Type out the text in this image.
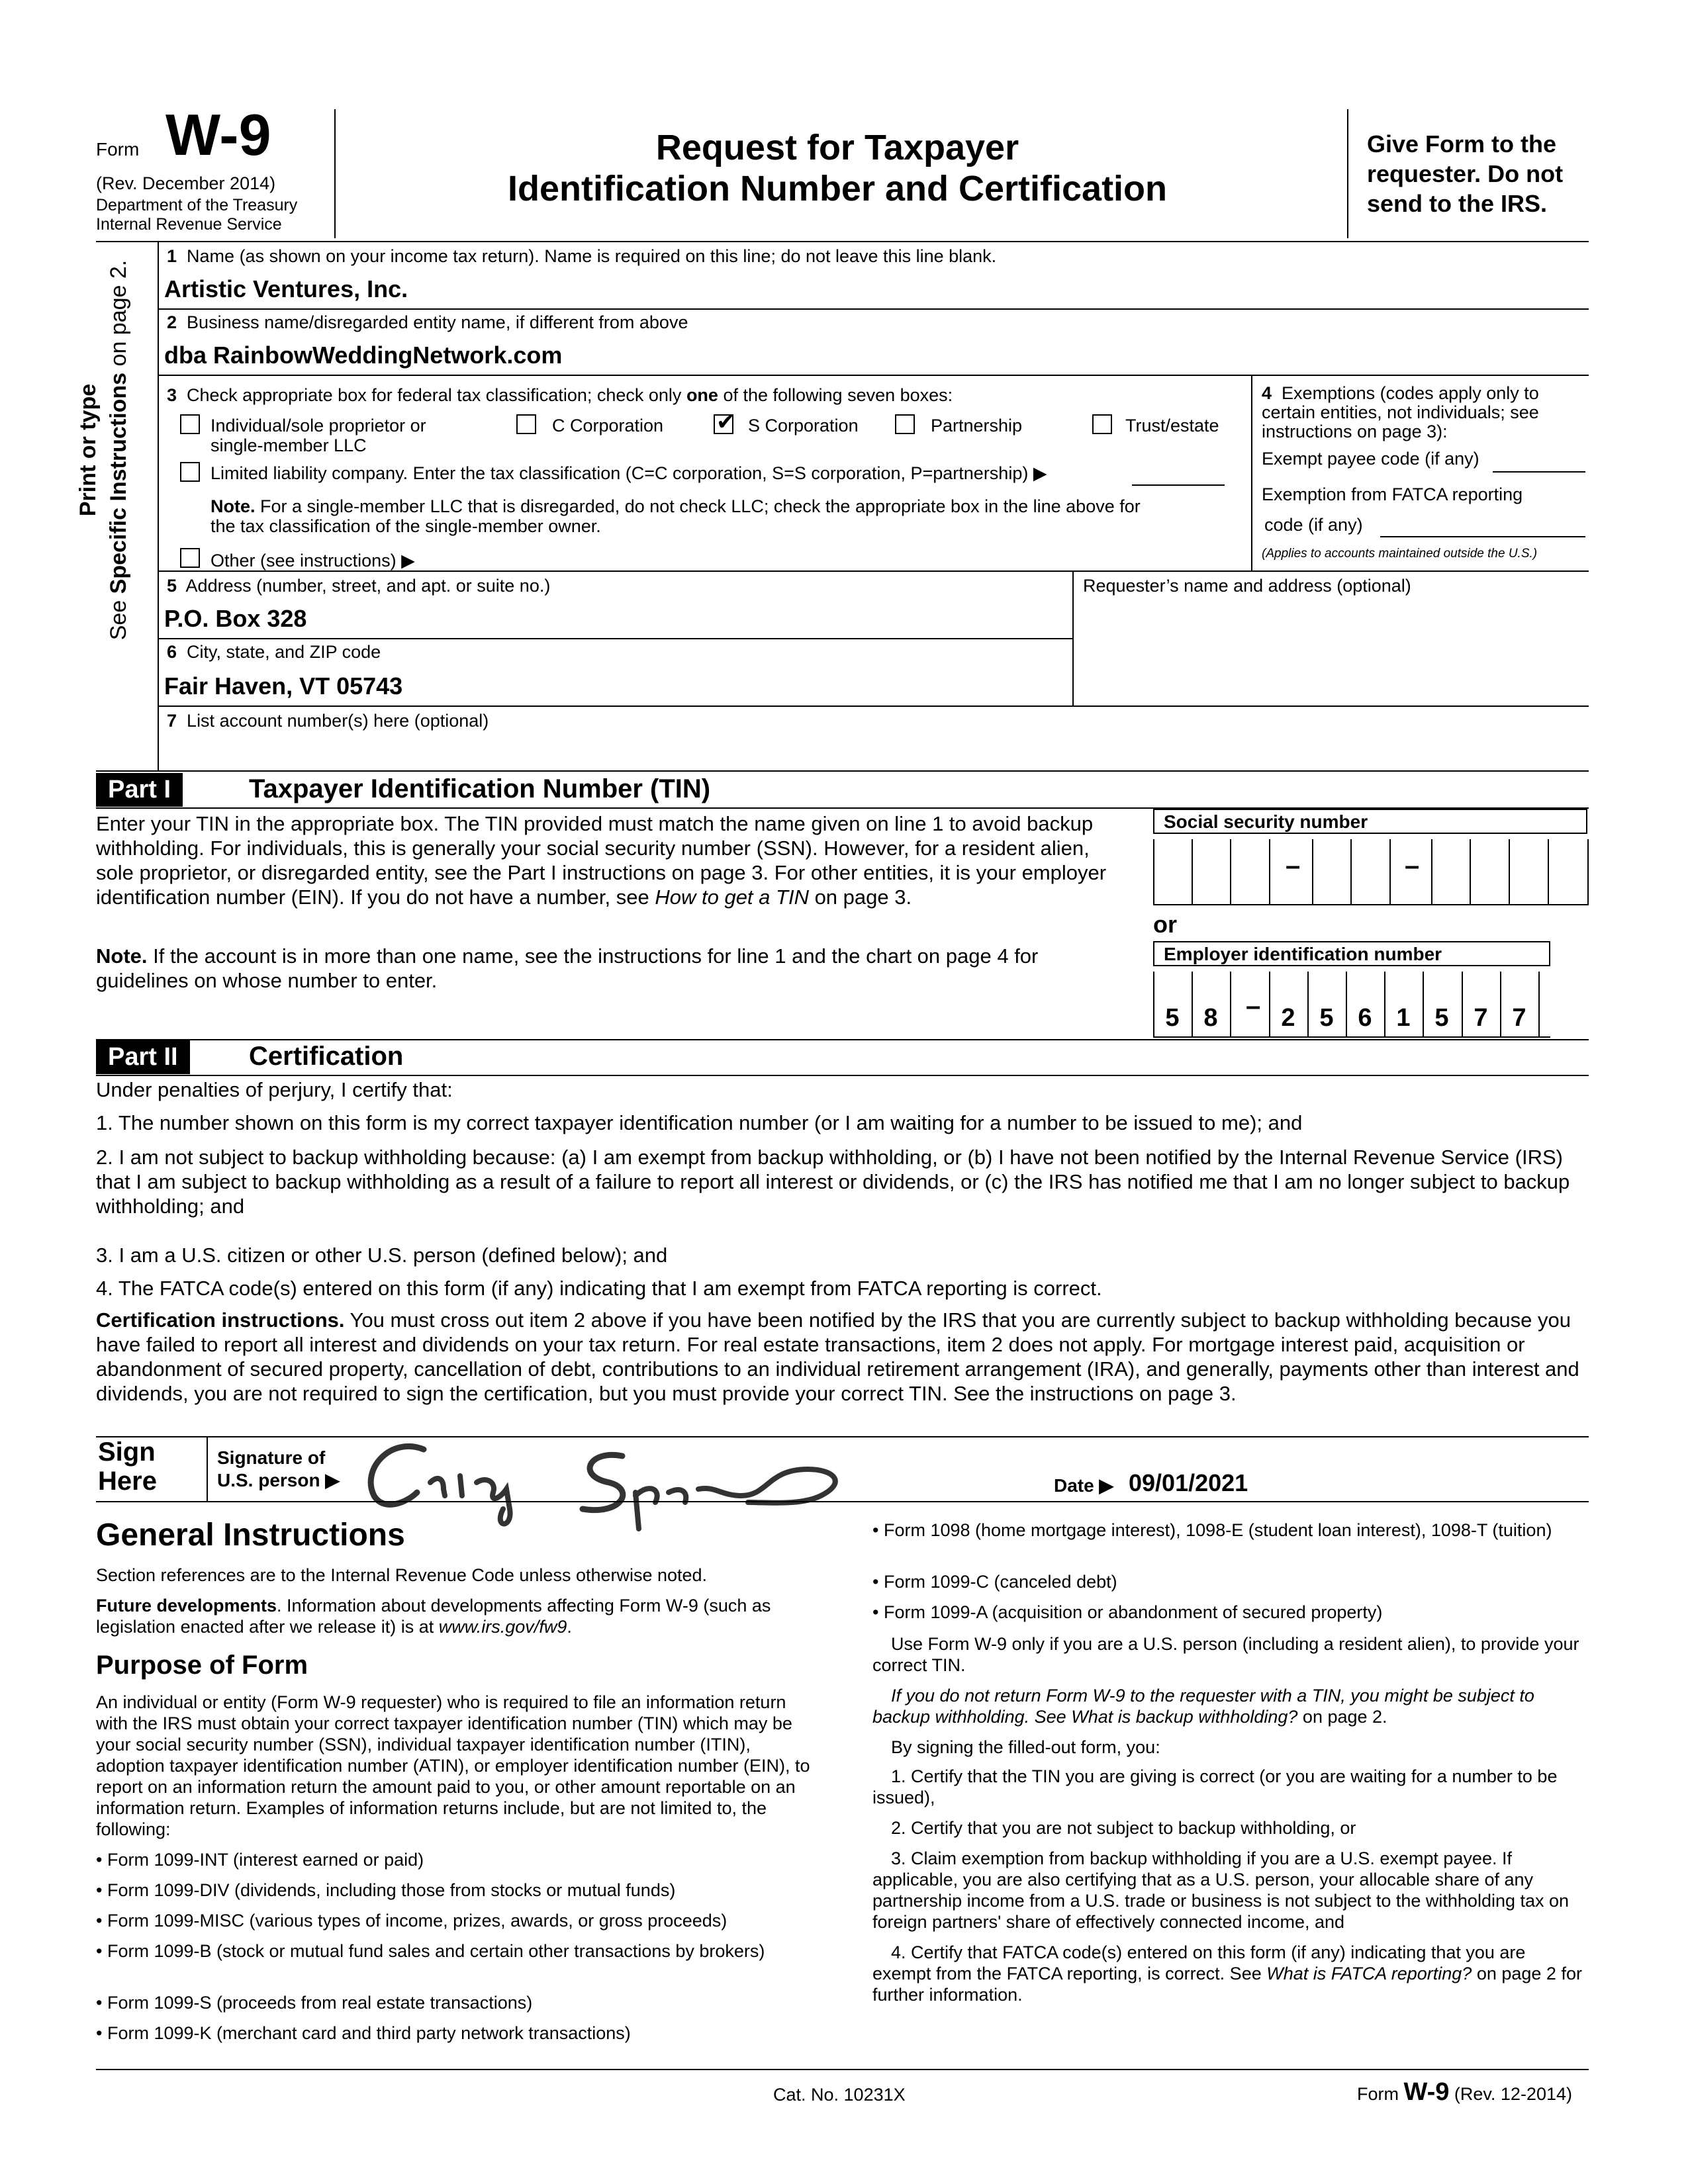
Form W-9
(Rev. December 2014)
Department of the Treasury
Internal Revenue Service
Request for Taxpayer
Identification Number and Certification
Give Form to the
requester. Do not
send to the IRS.
Print or type
See Specific Instructions on page 2.
1 Name (as shown on your income tax return). Name is required on this line; do not leave this line blank.
Artistic Ventures, Inc.
2 Business name/disregarded entity name, if different from above
dba RainbowWeddingNetwork.com
3 Check appropriate box for federal tax classification; check only one of the following seven boxes:
Individual/sole proprietor or
single-member LLC
C Corporation ✔ S Corporation	Partnership	Trust/estate
Limited liability company. Enter the tax classification (C=C corporation, S=S corporation, P=partnership) ▶
Note. For a single-member LLC that is disregarded, do not check LLC; check the appropriate box in the line above for
the tax classification of the single-member owner.
Other (see instructions) ▶
4 Exemptions (codes apply only to
certain entities, not individuals; see
instructions on page 3):
Exempt payee code (if any)
Exemption from FATCA reporting
code (if any)
(Applies to accounts maintained outside the U.S.)
5 Address (number, street, and apt. or suite no.)
P.O. Box 328
Requester’s name and address (optional)
6 City, state, and ZIP code
Fair Haven, VT 05743
7 List account number(s) here (optional)
Part I	Taxpayer Identification Number (TIN)
Enter your TIN in the appropriate box. The TIN provided must match the name given on line 1 to avoid backup withholding. For individuals, this is generally your social security number (SSN). However, for a resident alien, sole proprietor, or disregarded entity, see the Part I instructions on page 3. For other entities, it is your employer identification number (EIN). If you do not have a number, see How to get a TIN on page 3.
Note. If the account is in more than one name, see the instructions for line 1 and the chart on page 4 for guidelines on whose number to enter.
Social security number
–	–
or
Employer identification number
5 8	– 2 5 6 1 5 7 7
Part II	Certification
Under penalties of perjury, I certify that:
1. The number shown on this form is my correct taxpayer identification number (or I am waiting for a number to be issued to me); and
2. I am not subject to backup withholding because: (a) I am exempt from backup withholding, or (b) I have not been notified by the Internal Revenue Service (IRS) that I am subject to backup withholding as a result of a failure to report all interest or dividends, or (c) the IRS has notified me that I am no longer subject to backup withholding; and
3. I am a U.S. citizen or other U.S. person (defined below); and
4. The FATCA code(s) entered on this form (if any) indicating that I am exempt from FATCA reporting is correct.
Certification instructions. You must cross out item 2 above if you have been notified by the IRS that you are currently subject to backup withholding because you have failed to report all interest and dividends on your tax return. For real estate transactions, item 2 does not apply. For mortgage interest paid, acquisition or abandonment of secured property, cancellation of debt, contributions to an individual retirement arrangement (IRA), and generally, payments other than interest and dividends, you are not required to sign the certification, but you must provide your correct TIN. See the instructions on page 3.
Sign
Here
Signature of
U.S. person ▶	Date ▶ 09/01/2021
General Instructions
Section references are to the Internal Revenue Code unless otherwise noted.
Future developments. Information about developments affecting Form W-9 (such as legislation enacted after we release it) is at www.irs.gov/fw9.
Purpose of Form
An individual or entity (Form W-9 requester) who is required to file an information return with the IRS must obtain your correct taxpayer identification number (TIN) which may be your social security number (SSN), individual taxpayer identification number (ITIN), adoption taxpayer identification number (ATIN), or employer identification number (EIN), to report on an information return the amount paid to you, or other amount reportable on an information return. Examples of information returns include, but are not limited to, the following:
• Form 1099-INT (interest earned or paid)
• Form 1099-DIV (dividends, including those from stocks or mutual funds)
• Form 1099-MISC (various types of income, prizes, awards, or gross proceeds)
• Form 1099-B (stock or mutual fund sales and certain other transactions by brokers)
• Form 1099-S (proceeds from real estate transactions)
• Form 1099-K (merchant card and third party network transactions)
• Form 1098 (home mortgage interest), 1098-E (student loan interest), 1098-T (tuition)
• Form 1099-C (canceled debt)
• Form 1099-A (acquisition or abandonment of secured property)
Use Form W-9 only if you are a U.S. person (including a resident alien), to provide your correct TIN.
If you do not return Form W-9 to the requester with a TIN, you might be subject to backup withholding. See What is backup withholding? on page 2.
By signing the filled-out form, you:
1. Certify that the TIN you are giving is correct (or you are waiting for a number to be issued),
2. Certify that you are not subject to backup withholding, or
3. Claim exemption from backup withholding if you are a U.S. exempt payee. If applicable, you are also certifying that as a U.S. person, your allocable share of any partnership income from a U.S. trade or business is not subject to the withholding tax on foreign partners' share of effectively connected income, and
4. Certify that FATCA code(s) entered on this form (if any) indicating that you are exempt from the FATCA reporting, is correct. See What is FATCA reporting? on page 2 for further information.
Cat. No. 10231X	Form W-9 (Rev. 12-2014)
